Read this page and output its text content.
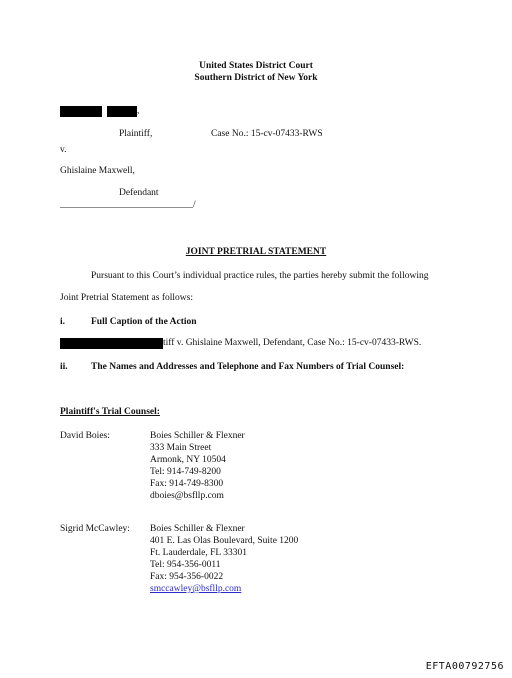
United States District Court
Southern District of New York
,
Plaintiff,	Case No.: 15-cv-07433-RWS
v.
Ghislaine Maxwell,
Defendant
____________________________/
JOINT PRETRIAL STATEMENT
Pursuant to this Court’s individual practice rules, the parties hereby submit the following
Joint Pretrial Statement as follows:
i.	Full Caption of the Action
tiff v. Ghislaine Maxwell, Defendant, Case No.: 15-cv-07433-RWS.
ii. The Names and Addresses and Telephone and Fax Numbers of Trial Counsel:
Plaintiff's Trial Counsel:
David Boies:	Boies Schiller & Flexner
333 Main Street
Armonk, NY 10504
Tel: 914-749-8200
Fax: 914-749-8300
dboies@bsfllp.com
Sigrid McCawley: Boies Schiller & Flexner
401 E. Las Olas Boulevard, Suite 1200
Ft. Lauderdale, FL 33301
Tel: 954-356-0011
Fax: 954-356-0022
smccawley@bsfllp.com
EFTA00792756
